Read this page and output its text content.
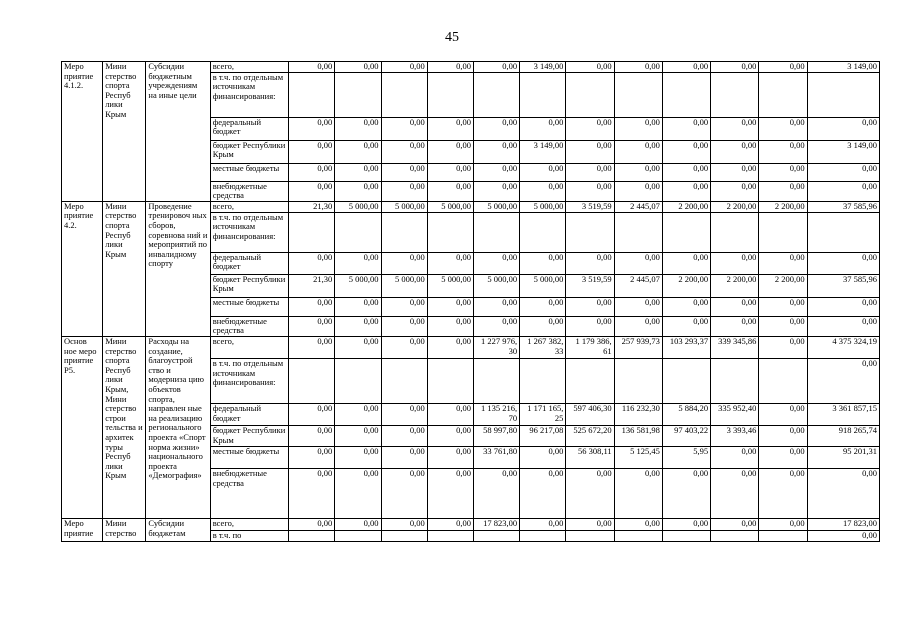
45
Меро приятие 4.1.2.	Мини стерство спорта Респуб лики Крым	Субсидии бюджетным учреждениям на иные цели	всего,	0,00	0,00	0,00	0,00	0,00	3 149,00	0,00	0,00	0,00	0,00	0,00	3 149,00
			в т.ч. по отдельным источникам финансирования:												
			федеральный бюджет	0,00	0,00	0,00	0,00	0,00	0,00	0,00	0,00	0,00	0,00	0,00	0,00
			бюджет Республики Крым	0,00	0,00	0,00	0,00	0,00	3 149,00	0,00	0,00	0,00	0,00	0,00	3 149,00
			местные бюджеты	0,00	0,00	0,00	0,00	0,00	0,00	0,00	0,00	0,00	0,00	0,00	0,00
			внебюджетные средства	0,00	0,00	0,00	0,00	0,00	0,00	0,00	0,00	0,00	0,00	0,00	0,00
Меро приятие 4.2.	Мини стерство спорта Респуб лики Крым	Проведение тренировоч ных сборов, соревнова ний и мероприятий по инвалидному спорту	всего,	21,30	5 000,00	5 000,00	5 000,00	5 000,00	5 000,00	3 519,59	2 445,07	2 200,00	2 200,00	2 200,00	37 585,96
			в т.ч. по отдельным источникам финансирования:												
			федеральный бюджет	0,00	0,00	0,00	0,00	0,00	0,00	0,00	0,00	0,00	0,00	0,00	0,00
			бюджет Республики Крым	21,30	5 000,00	5 000,00	5 000,00	5 000,00	5 000,00	3 519,59	2 445,07	2 200,00	2 200,00	2 200,00	37 585,96
			местные бюджеты	0,00	0,00	0,00	0,00	0,00	0,00	0,00	0,00	0,00	0,00	0,00	0,00
			внебюджетные средства	0,00	0,00	0,00	0,00	0,00	0,00	0,00	0,00	0,00	0,00	0,00	0,00
Основ ное меро приятие Р5.	Мини стерство спорта Респуб лики Крым, Мини стерство строи тельства и архитек туры Респуб лики Крым	Расходы на создание, благоустрой ство и модерниза цию объектов спорта, направлен ные на реализацию регионального проекта «Спорт норма жизни» национального проекта «Демография»	всего,	0,00	0,00	0,00	0,00	1 227 976, 30	1 267 382, 33	1 179 386, 61	257 939,73	103 293,37	339 345,86	0,00	4 375 324,19
			в т.ч. по отдельным источникам финансирования:												0,00
			федеральный бюджет	0,00	0,00	0,00	0,00	1 135 216, 70	1 171 165, 25	597 406,30	116 232,30	5 884,20	335 952,40	0,00	3 361 857,15
			бюджет Республики Крым	0,00	0,00	0,00	0,00	58 997,80	96 217,08	525 672,20	136 581,98	97 403,22	3 393,46	0,00	918 265,74
			местные бюджеты	0,00	0,00	0,00	0,00	33 761,80	0,00	56 308,11	5 125,45	5,95	0,00	0,00	95 201,31
			внебюджетные средства	0,00	0,00	0,00	0,00	0,00	0,00	0,00	0,00	0,00	0,00	0,00	0,00
Меро приятие	Мини стерство	Субсидии бюджетам	всего,	0,00	0,00	0,00	0,00	17 823,00	0,00	0,00	0,00	0,00	0,00	0,00	17 823,00
			в т.ч. по												0,00
